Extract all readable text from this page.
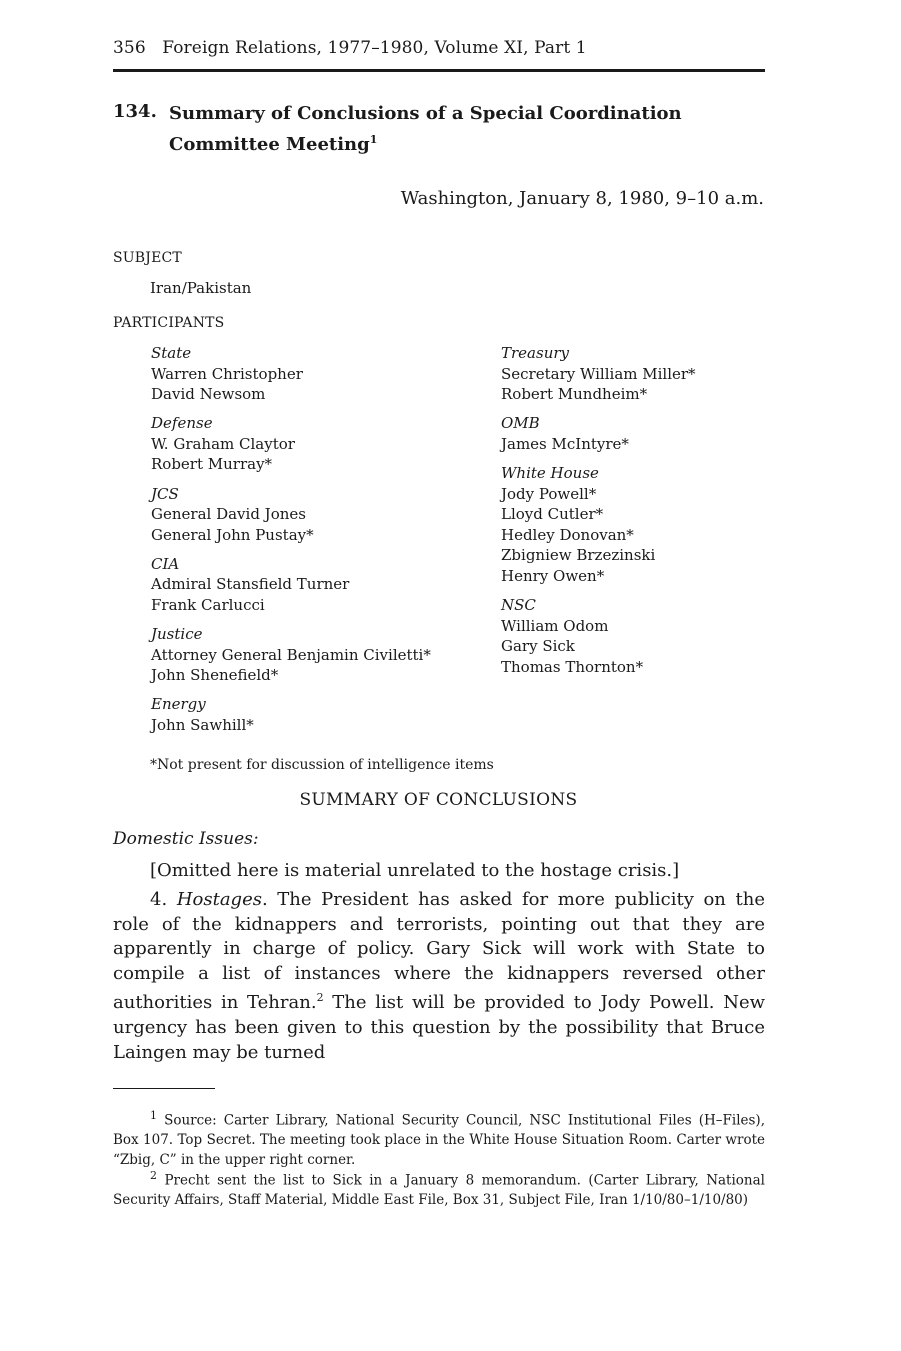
356   Foreign Relations, 1977–1980, Volume XI, Part 1
134. Summary of Conclusions of a Special Coordination Committee Meeting$^1$
Washington, January 8, 1980, 9–10 a.m.
SUBJECT
Iran/Pakistan
PARTICIPANTS
State
Warren Christopher
David Newsom
Defense
W. Graham Claytor
Robert Murray*
JCS
General David Jones
General John Pustay*
CIA
Admiral Stansfield Turner
Frank Carlucci
Justice
Attorney General Benjamin Civiletti*
John Shenefield*
Energy
John Sawhill*
Treasury
Secretary William Miller*
Robert Mundheim*
OMB
James McIntyre*
White House
Jody Powell*
Lloyd Cutler*
Hedley Donovan*
Zbigniew Brzezinski
Henry Owen*
NSC
William Odom
Gary Sick
Thomas Thornton*
*Not present for discussion of intelligence items
SUMMARY OF CONCLUSIONS
Domestic Issues:
[Omitted here is material unrelated to the hostage crisis.]
4. Hostages. The President has asked for more publicity on the role of the kidnappers and terrorists, pointing out that they are apparently in charge of policy. Gary Sick will work with State to compile a list of instances where the kidnappers reversed other authorities in Tehran.$^2$ The list will be provided to Jody Powell. New urgency has been given to this question by the possibility that Bruce Laingen may be turned
$^1$ Source: Carter Library, National Security Council, NSC Institutional Files (H–Files), Box 107. Top Secret. The meeting took place in the White House Situation Room. Carter wrote “Zbig, C” in the upper right corner.
$^2$ Precht sent the list to Sick in a January 8 memorandum. (Carter Library, National Security Affairs, Staff Material, Middle East File, Box 31, Subject File, Iran 1/10/80–1/10/80)
